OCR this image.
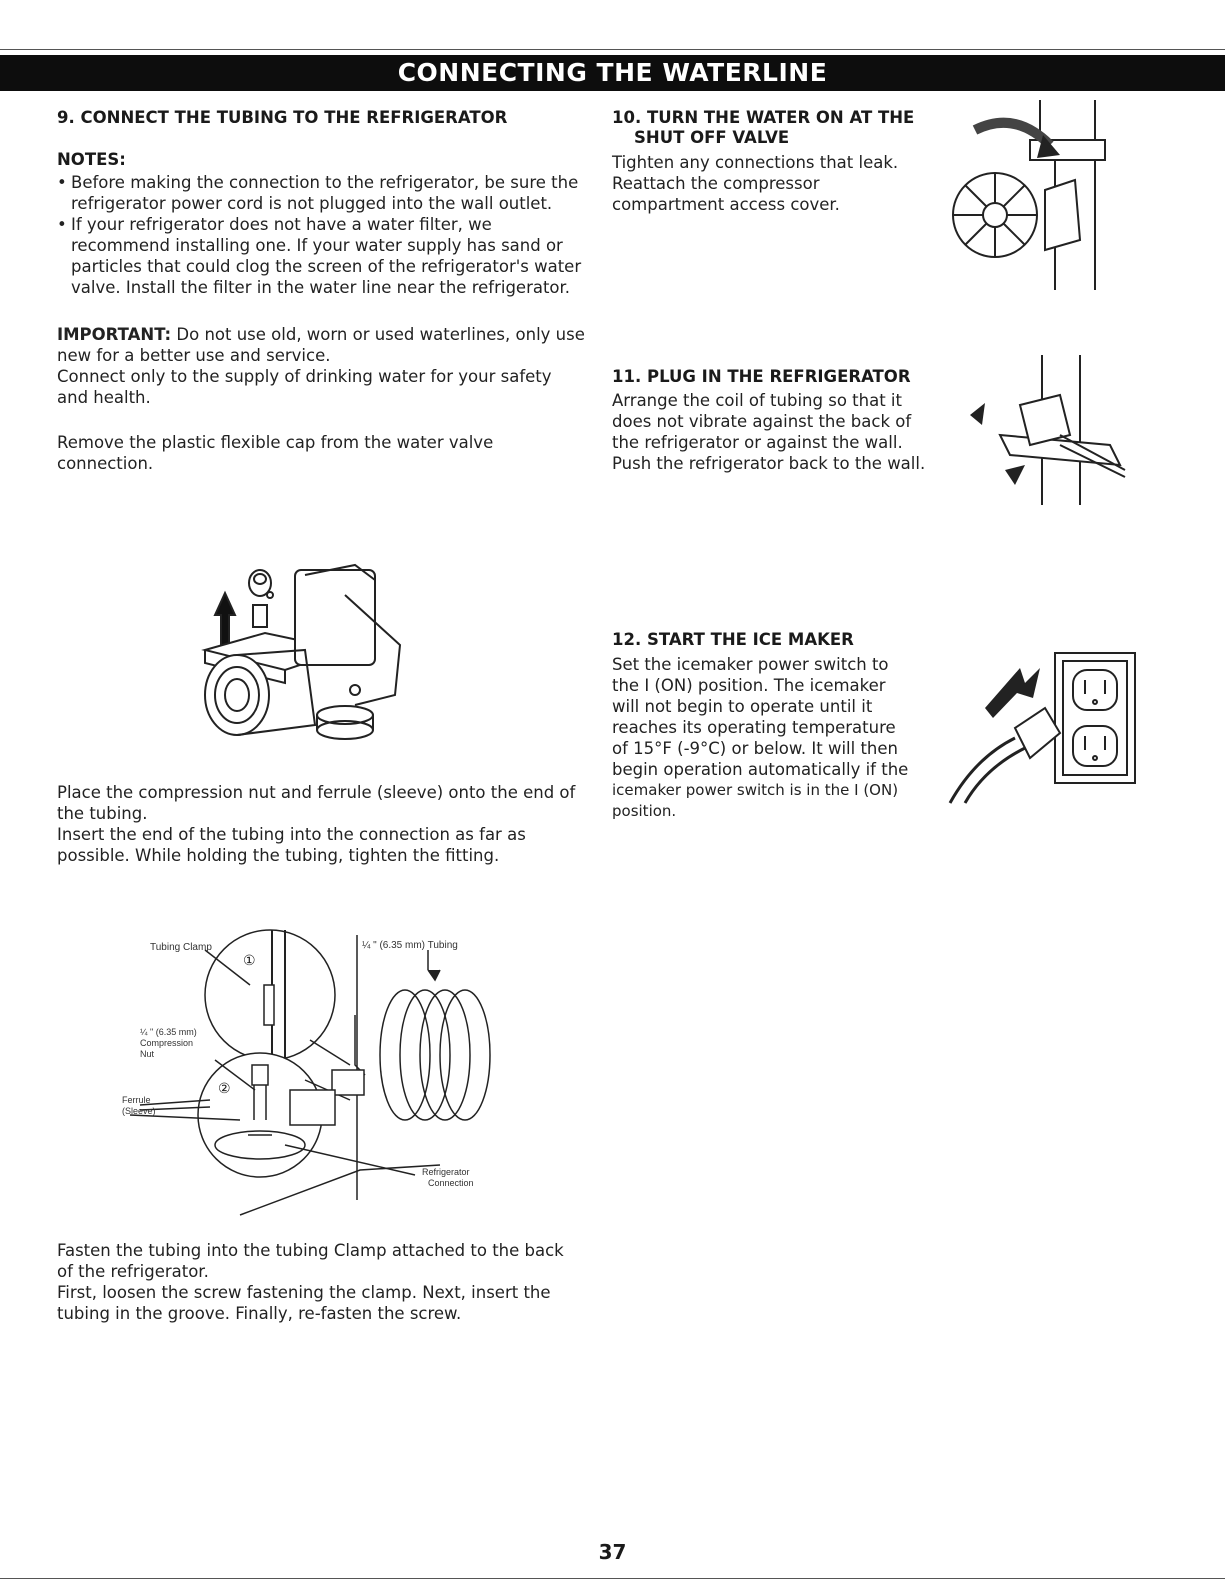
CONNECTING THE WATERLINE
9. CONNECT THE TUBING TO THE REFRIGERATOR
NOTES:
• Before making the connection to the refrigerator, be sure the
refrigerator power cord is not plugged into the wall outlet.
• If your refrigerator does not have a water filter, we
recommend installing one. If your water supply has sand or
particles that could clog the screen of the refrigerator's water
valve. Install the filter in the water line near the refrigerator.
IMPORTANT: Do not use old, worn or used waterlines, only use
new for a better use and service.
Connect only to the supply of drinking water for your safety
and health.
Remove the plastic flexible cap from the water valve
connection.
Place the compression nut and ferrule (sleeve) onto the end of
the tubing.
Insert the end of the tubing into the connection as far as
possible. While holding the tubing, tighten the fitting.
Tubing Clamp	¼ " (6.35 mm) Tubing
¼ " (6.35 mm)
Compression
Nut
Ferrule
(Sleeve)
Refrigerator
Connection
①
②
Fasten the tubing into the tubing Clamp attached to the back
of the refrigerator.
First, loosen the screw fastening the clamp. Next, insert the
tubing in the groove. Finally, re-fasten the screw.
10. TURN THE WATER ON AT THE
SHUT OFF VALVE
Tighten any connections that leak.
Reattach the compressor
compartment access cover.
11. PLUG IN THE REFRIGERATOR
Arrange the coil of tubing so that it
does not vibrate against the back of
the refrigerator or against the wall.
Push the refrigerator back to the wall.
12. START THE ICE MAKER
Set the icemaker power switch to
the I (ON) position. The icemaker
will not begin to operate until it
reaches its operating temperature
of 15°F (-9°C) or below. It will then
begin operation automatically if the
icemaker power switch is in the I (ON)
position.
37
